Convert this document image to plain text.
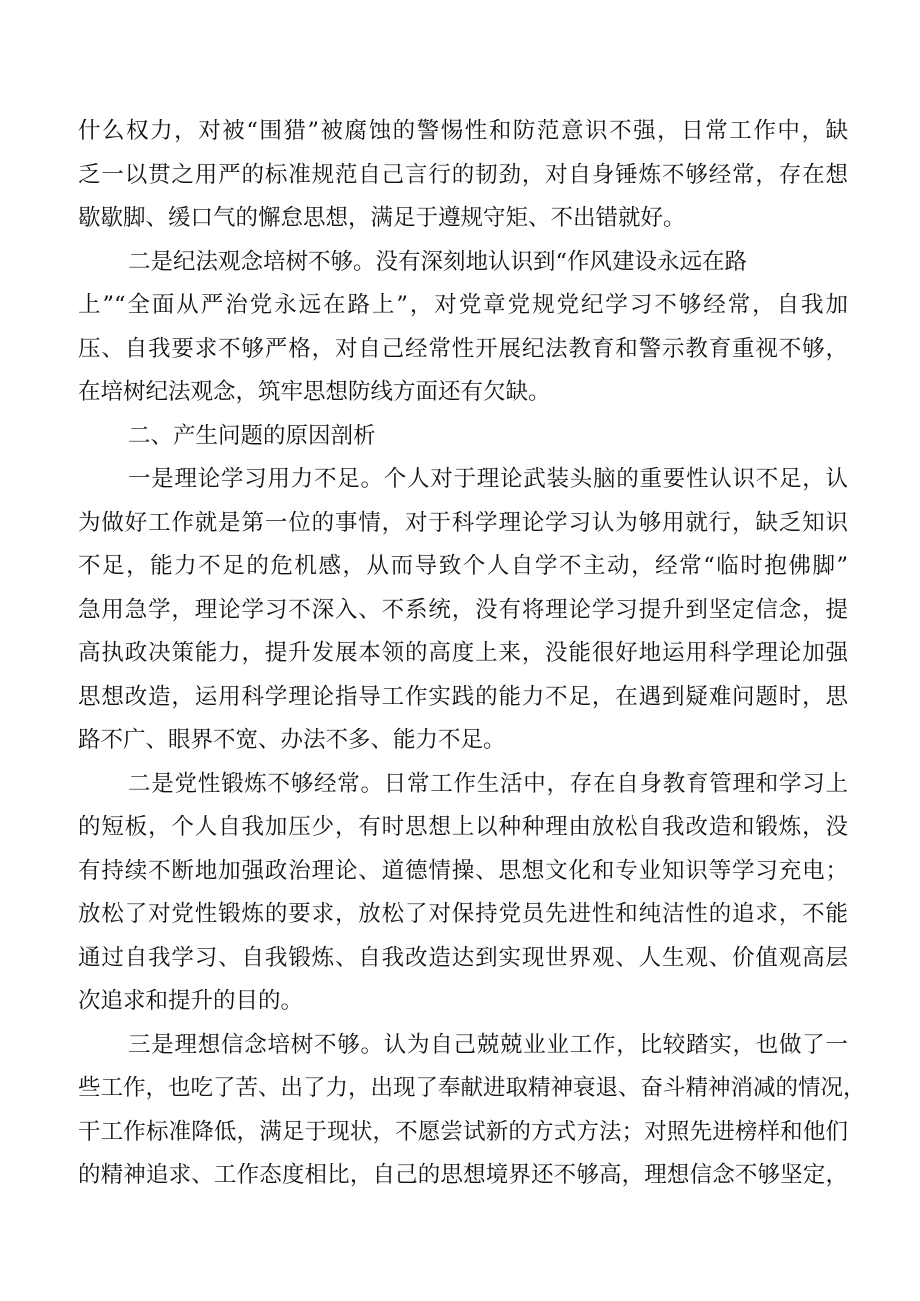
什么权力，对被“围猎”被腐蚀的警惕性和防范意识不强，日常工作中，缺
乏一以贯之用严的标准规范自己言行的韧劲，对自身锤炼不够经常，存在想
歇歇脚、缓口气的懈怠思想，满足于遵规守矩、不出错就好。
二是纪法观念培树不够。没有深刻地认识到“作风建设永远在路
上”“全面从严治党永远在路上”，对党章党规党纪学习不够经常，自我加
压、自我要求不够严格，对自己经常性开展纪法教育和警示教育重视不够，
在培树纪法观念，筑牢思想防线方面还有欠缺。
二、产生问题的原因剖析
一是理论学习用力不足。个人对于理论武装头脑的重要性认识不足，认
为做好工作就是第一位的事情，对于科学理论学习认为够用就行，缺乏知识
不足，能力不足的危机感，从而导致个人自学不主动，经常“临时抱佛脚”
急用急学，理论学习不深入、不系统，没有将理论学习提升到坚定信念，提
高执政决策能力，提升发展本领的高度上来，没能很好地运用科学理论加强
思想改造，运用科学理论指导工作实践的能力不足，在遇到疑难问题时，思
路不广、眼界不宽、办法不多、能力不足。
二是党性锻炼不够经常。日常工作生活中，存在自身教育管理和学习上
的短板，个人自我加压少，有时思想上以种种理由放松自我改造和锻炼，没
有持续不断地加强政治理论、道德情操、思想文化和专业知识等学习充电；
放松了对党性锻炼的要求，放松了对保持党员先进性和纯洁性的追求，不能
通过自我学习、自我锻炼、自我改造达到实现世界观、人生观、价值观高层
次追求和提升的目的。
三是理想信念培树不够。认为自己兢兢业业工作，比较踏实，也做了一
些工作，也吃了苦、出了力，出现了奉献进取精神衰退、奋斗精神消减的情况，
干工作标准降低，满足于现状，不愿尝试新的方式方法；对照先进榜样和他们
的精神追求、工作态度相比，自己的思想境界还不够高，理想信念不够坚定，
